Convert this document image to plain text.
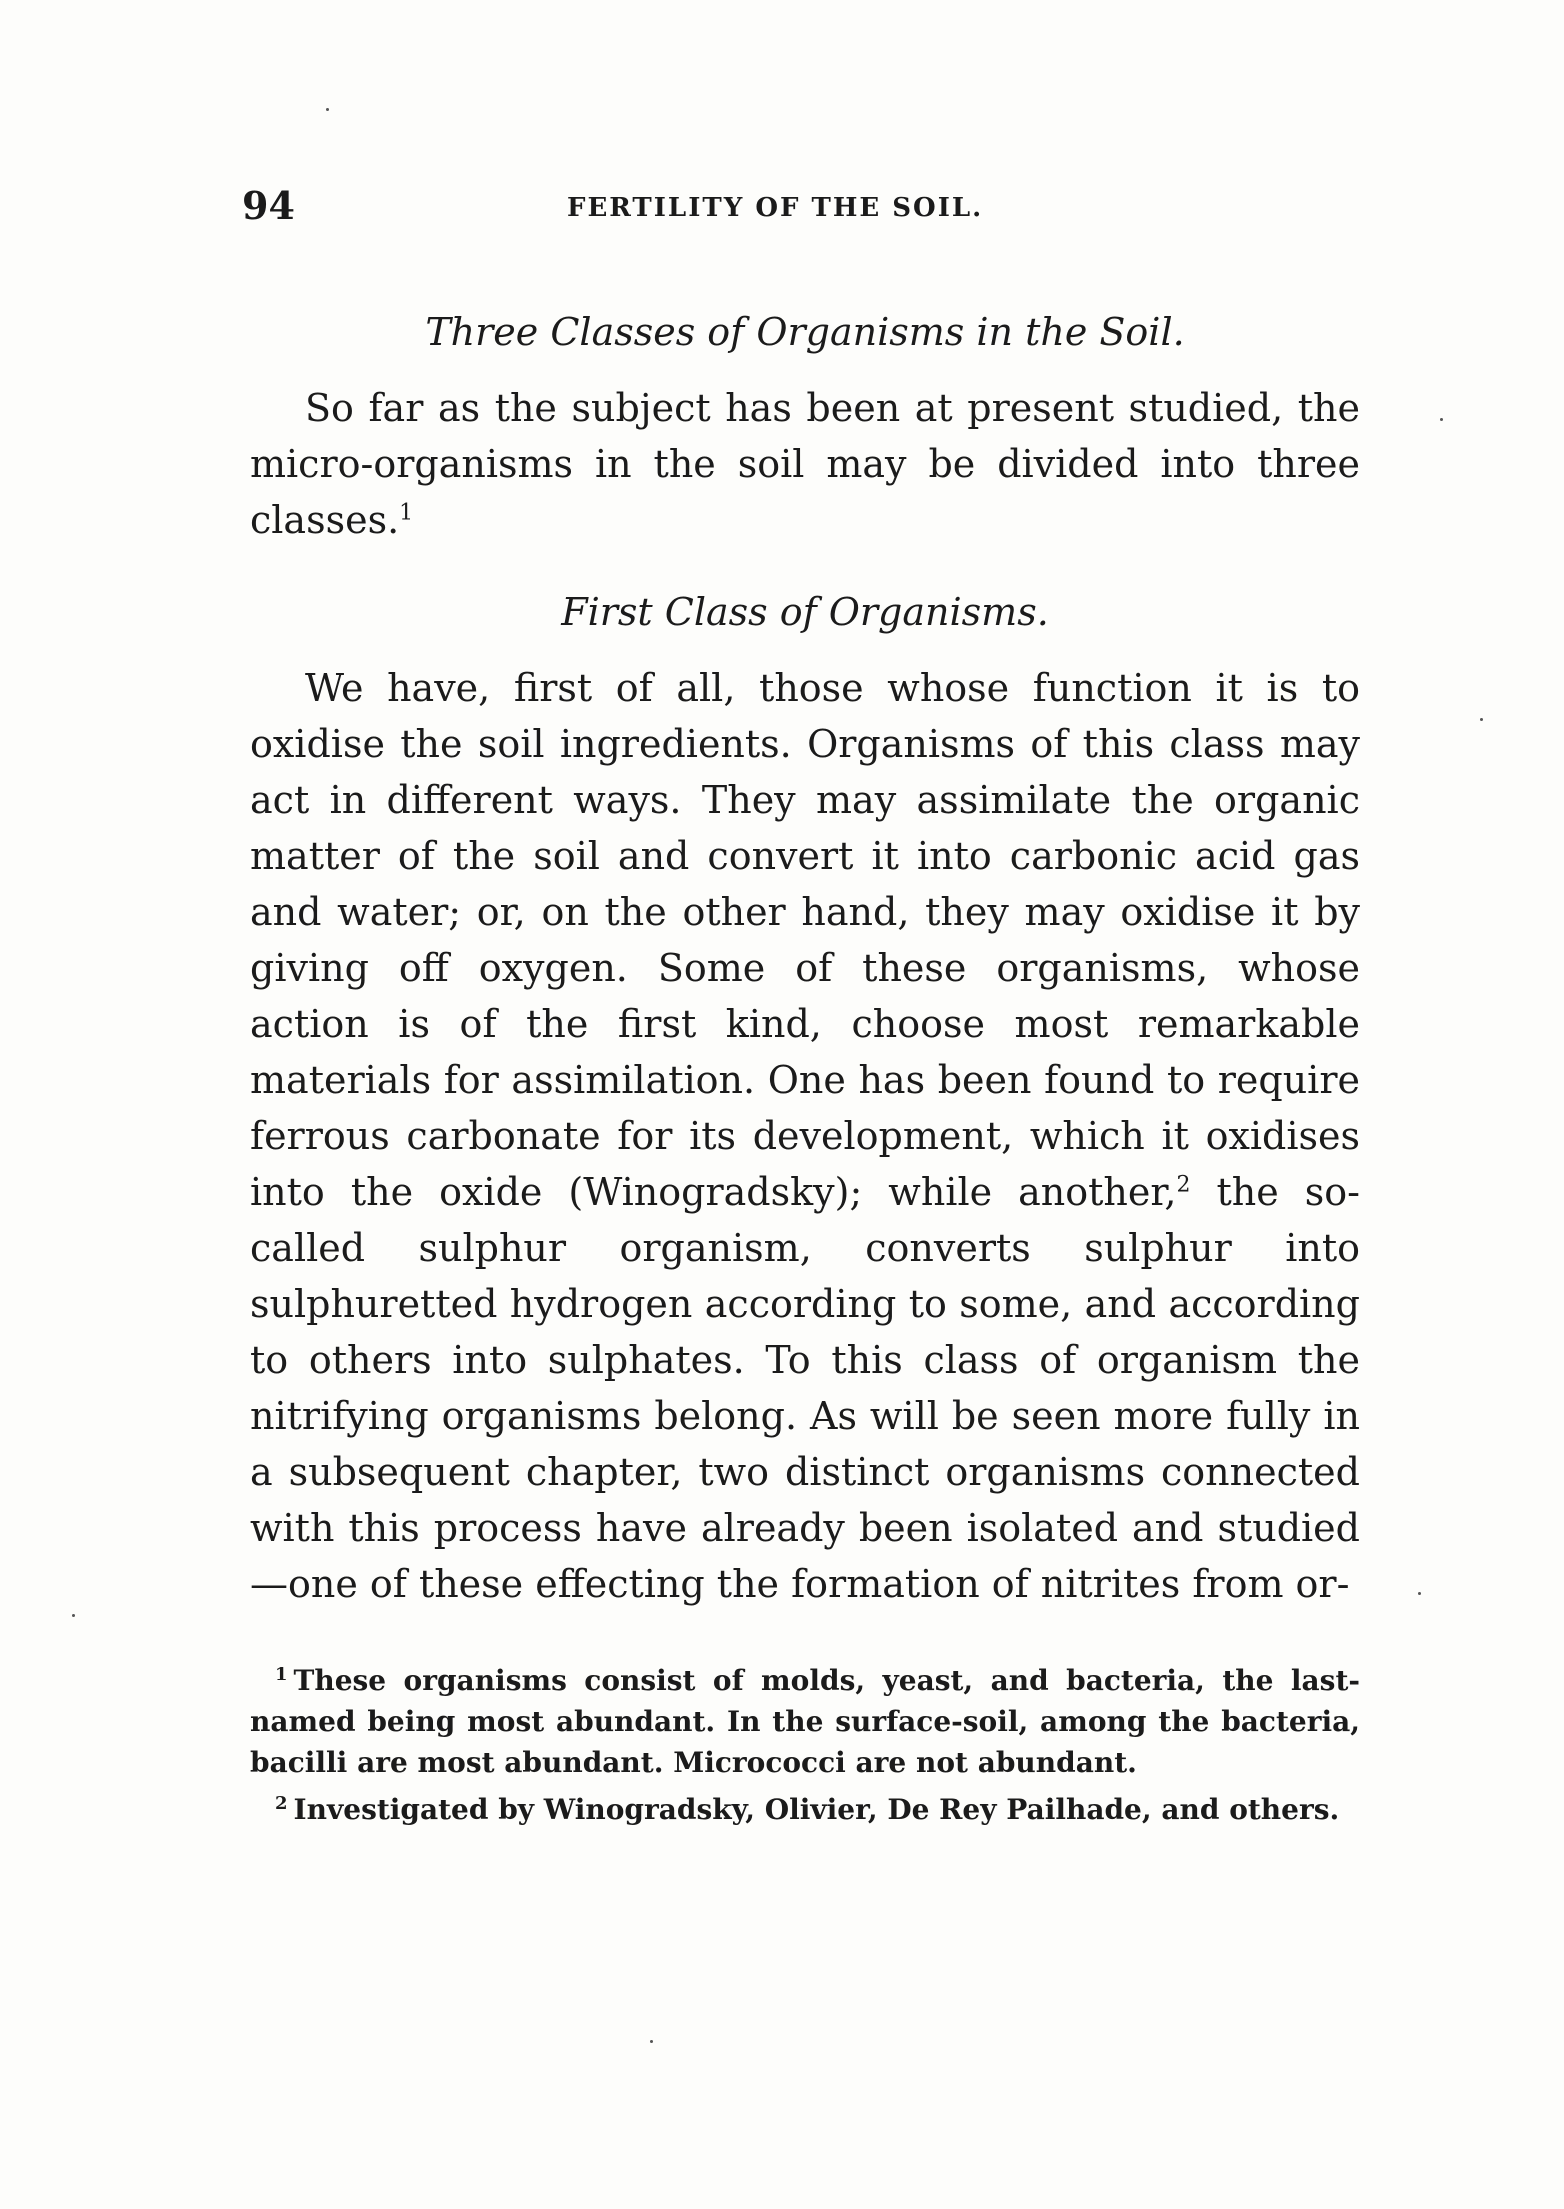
94	FERTILITY OF THE SOIL.
Three Classes of Organisms in the Soil.

So far as the subject has been at present studied, the micro-organisms in the soil may be divided into three classes.$^1$

First Class of Organisms.

We have, first of all, those whose function it is to oxidise the soil ingredients. Organisms of this class may act in different ways. They may assimilate the organic matter of the soil and convert it into carbonic acid gas and water; or, on the other hand, they may oxidise it by giving off oxygen. Some of these organisms, whose action is of the first kind, choose most remarkable materials for assimilation. One has been found to require ferrous carbonate for its development, which it oxidises into the oxide (Winogradsky); while another,$^2$ the so-called sulphur organism, converts sulphur into sulphuretted hydrogen according to some, and according to others into sulphates. To this class of organism the nitrifying organisms belong. As will be seen more fully in a subsequent chapter, two distinct organisms connected with this process have already been isolated and studied—one of these effecting the formation of nitrites from or-

$^1$ These organisms consist of molds, yeast, and bacteria, the last-named being most abundant. In the surface-soil, among the bacteria, bacilli are most abundant. Micrococci are not abundant.

$^2$ Investigated by Winogradsky, Olivier, De Rey Pailhade, and others.
